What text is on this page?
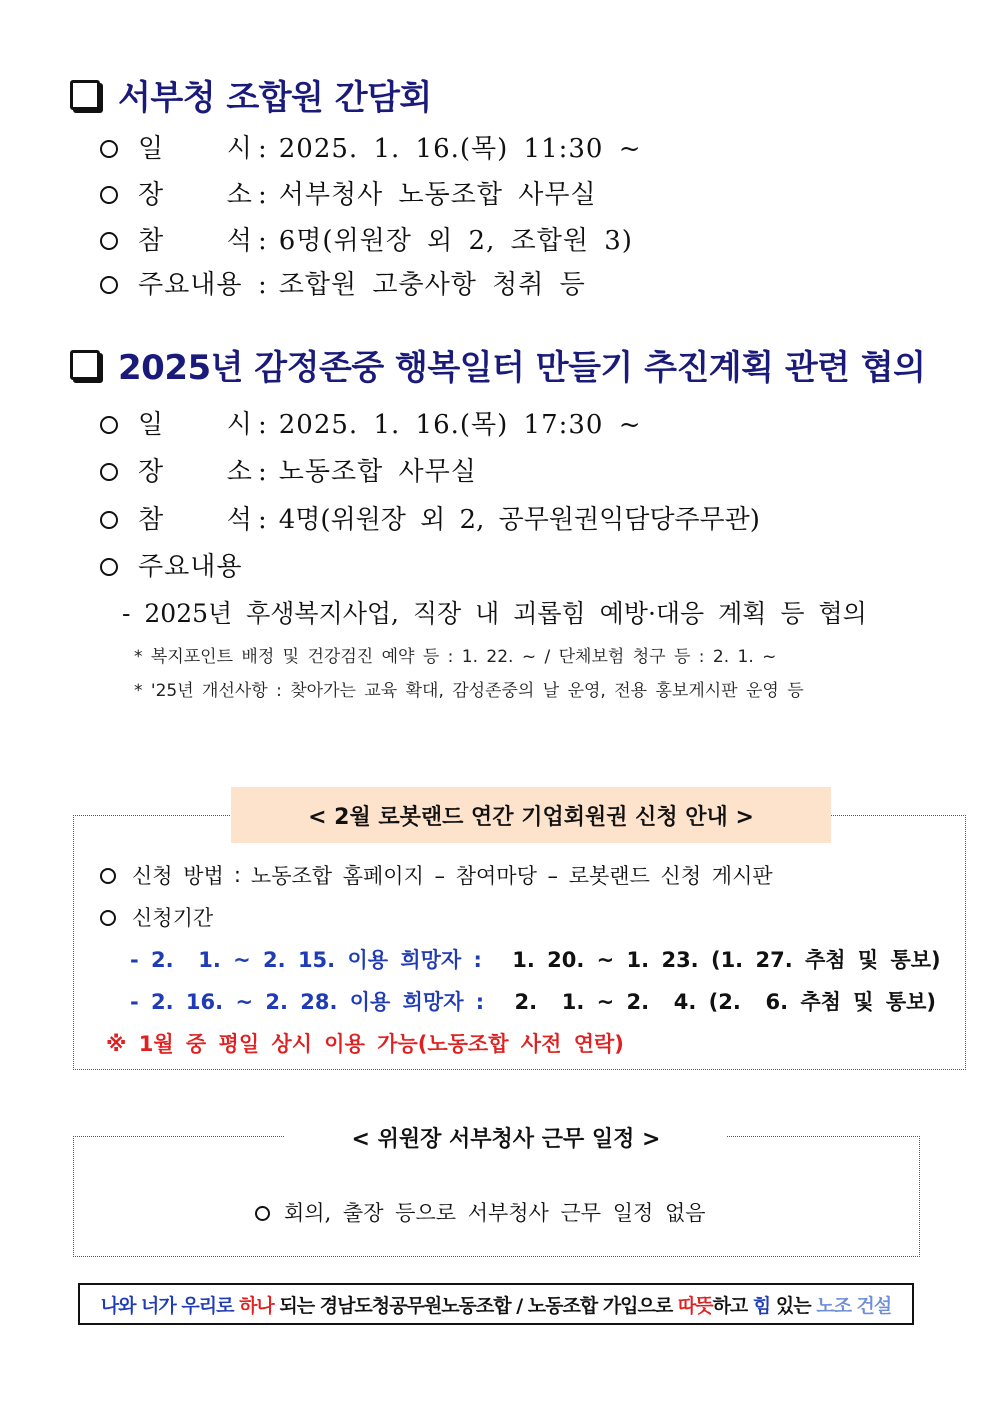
서부청 조합원 간담회
일      시 : 2025. 1. 16.(목) 11:30 ~
장      소 : 서부청사 노동조합 사무실
참      석 : 6명(위원장 외 2, 조합원 3)
주요내용 : 조합원 고충사항 청취 등
2025년 감정존중 행복일터 만들기 추진계획 관련 협의
일      시 : 2025. 1. 16.(목) 17:30 ~
장      소 : 노동조합 사무실
참      석 : 4명(위원장 외 2, 공무원권익담당주무관)
주요내용
- 2025년 후생복지사업, 직장 내 괴롭힘 예방·대응 계획 등 협의
* 복지포인트 배정 및 건강검진 예약 등 : 1. 22. ~ / 단체보험 청구 등 : 2. 1. ~
* '25년 개선사항 : 찾아가는 교육 확대, 감성존중의 날 운영, 전용 홍보게시판 운영 등
< 2월 로봇랜드 연간 기업회원권 신청 안내 >
신청 방법 : 노동조합 홈페이지 – 참여마당 – 로봇랜드 신청 게시판
신청기간
- 2.  1. ~ 2. 15. 이용 희망자 : 1. 20. ~ 1. 23. (1. 27. 추첨 및 통보)
- 2. 16. ~ 2. 28. 이용 희망자 : 2.  1. ~ 2.  4. (2.  6. 추첨 및 통보)
※ 1월 중 평일 상시 이용 가능(노동조합 사전 연락)
< 위원장 서부청사 근무 일정 >
회의, 출장 등으로 서부청사 근무 일정 없음
나와 너가 우리로 하나 되는 경남도청공무원노동조합 / 노동조합 가입으로 따뜻 하고 힘 있는 노조 건설
